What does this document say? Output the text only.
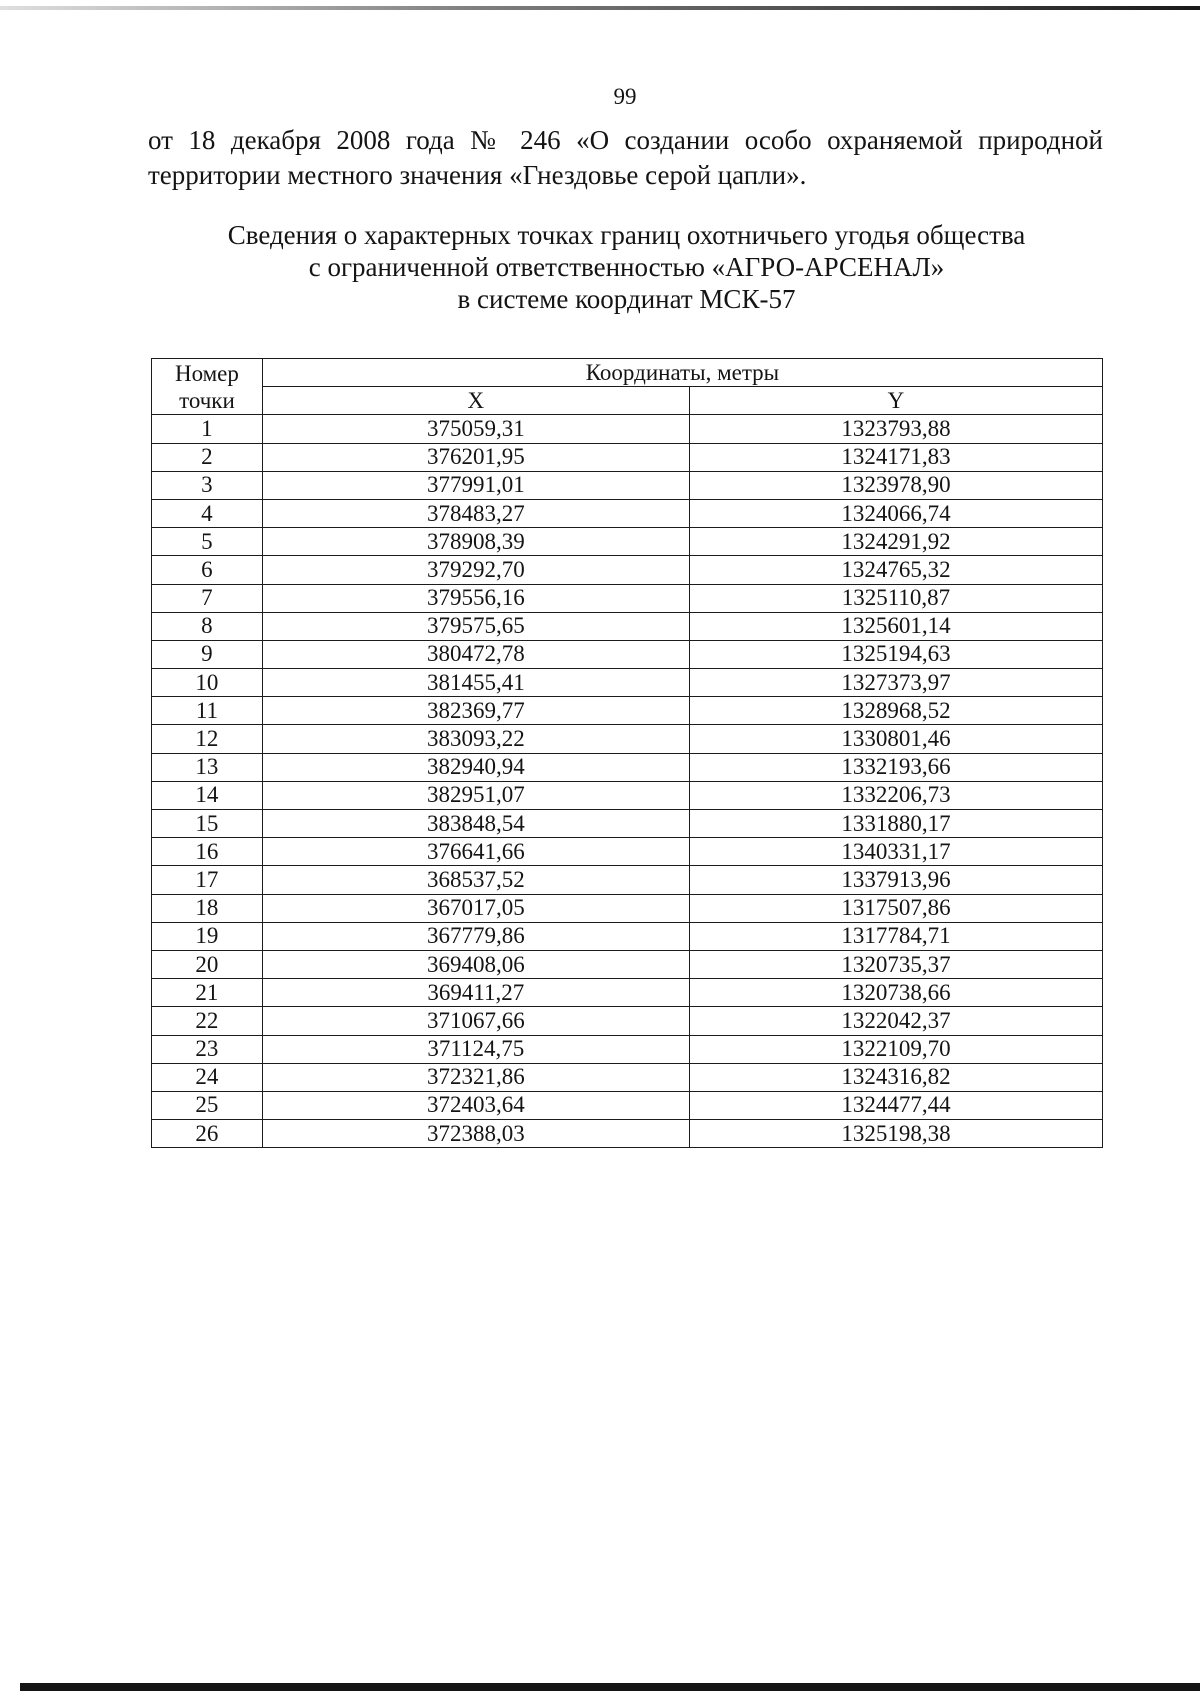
99

от 18 декабря 2008 года № 246 «О создании особо охраняемой природной территории местного значения «Гнездовье серой цапли».

Сведения о характерных точках границ охотничьего угодья общества
с ограниченной ответственностью «АГРО-АРСЕНАЛ»
в системе координат МСК-57
Номер
точки	Координаты, метры	
	X	Y
1	375059,31	1323793,88
2	376201,95	1324171,83
3	377991,01	1323978,90
4	378483,27	1324066,74
5	378908,39	1324291,92
6	379292,70	1324765,32
7	379556,16	1325110,87
8	379575,65	1325601,14
9	380472,78	1325194,63
10	381455,41	1327373,97
11	382369,77	1328968,52
12	383093,22	1330801,46
13	382940,94	1332193,66
14	382951,07	1332206,73
15	383848,54	1331880,17
16	376641,66	1340331,17
17	368537,52	1337913,96
18	367017,05	1317507,86
19	367779,86	1317784,71
20	369408,06	1320735,37
21	369411,27	1320738,66
22	371067,66	1322042,37
23	371124,75	1322109,70
24	372321,86	1324316,82
25	372403,64	1324477,44
26	372388,03	1325198,38
